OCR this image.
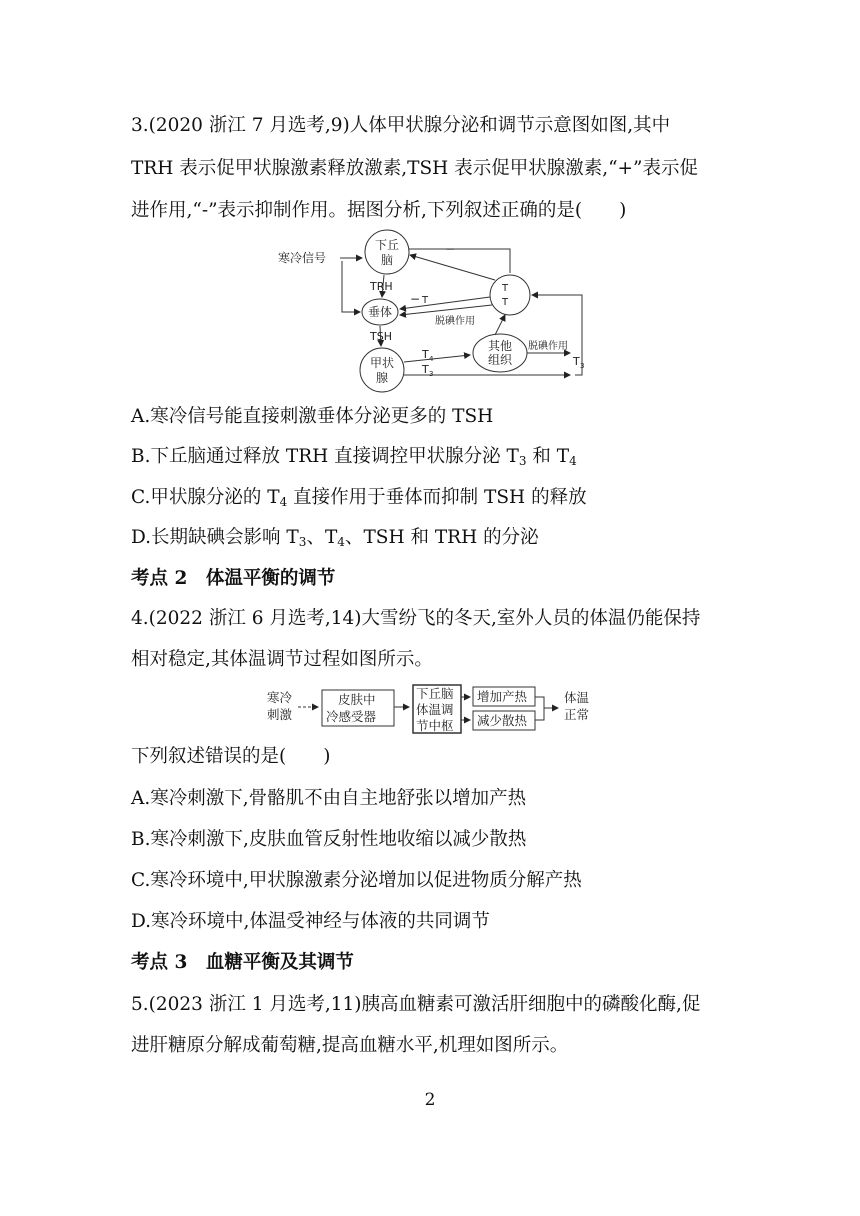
3.(2020 浙江 7 月选考,9)人体甲状腺分泌和调节示意图如图,其中
TRH 表示促甲状腺激素释放激素,TSH 表示促甲状腺激素,“+”表示促
进作用,“-”表示抑制作用。据图分析,下列叙述正确的是(　　)
寒冷信号
下丘
脑
TRH
垂体
TSH
甲状
腺
其他
组织
T 4
T 3
T 3
T
T
T
脱碘作用
脱碘作用
−
−
A.寒冷信号能直接刺激垂体分泌更多的 TSH
B.下丘脑通过释放 TRH 直接调控甲状腺分泌 $T_3$ 和 $T_4$
C.甲状腺分泌的 $T_4$ 直接作用于垂体而抑制 TSH 的释放
D.长期缺碘会影响 $T_3$、$T_4$、TSH 和 TRH 的分泌
考点 2　体温平衡的调节
4.(2022 浙江 6 月选考,14)大雪纷飞的冬天,室外人员的体温仍能保持
相对稳定,其体温调节过程如图所示。
寒冷
刺激
皮肤中
冷感受器
下丘脑
体温调
节中枢
增加产热
减少散热
体温
正常
下列叙述错误的是(　　)
A.寒冷刺激下,骨骼肌不由自主地舒张以增加产热
B.寒冷刺激下,皮肤血管反射性地收缩以减少散热
C.寒冷环境中,甲状腺激素分泌增加以促进物质分解产热
D.寒冷环境中,体温受神经与体液的共同调节
考点 3　血糖平衡及其调节
5.(2023 浙江 1 月选考,11)胰高血糖素可激活肝细胞中的磷酸化酶,促
进肝糖原分解成葡萄糖,提高血糖水平,机理如图所示。
2
